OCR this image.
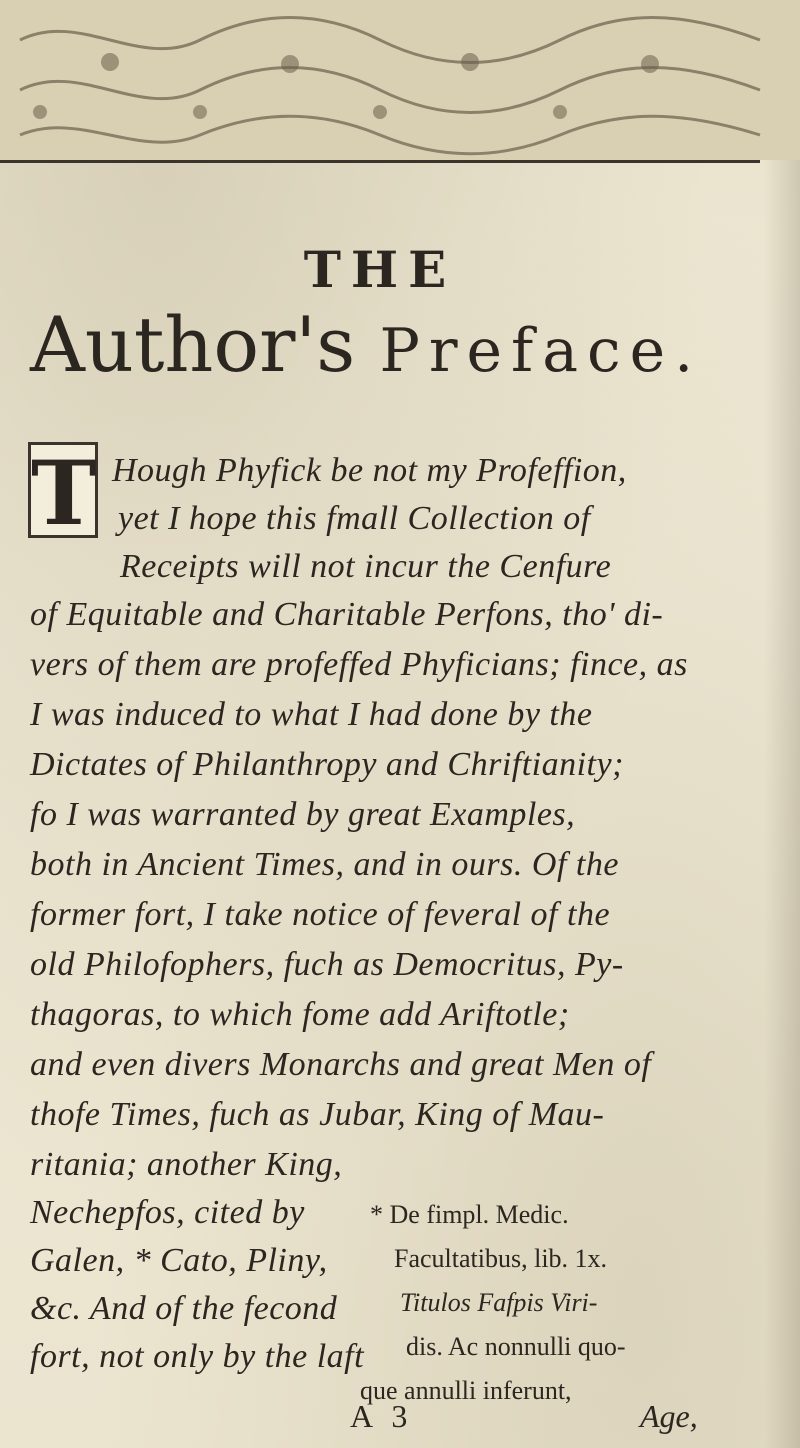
THE
Author's Preface.
T Hough Phyfick be not my Profeffion,
yet I hope this fmall Collection of
Receipts will not incur the Cenfure
of Equitable and Charitable Perfons, tho' di-
vers of them are profeffed Phyficians; fince, as
I was induced to what I had done by the
Dictates of Philanthropy and Chriftianity;
fo I was warranted by great Examples,
both in Ancient Times, and in ours. Of the
former fort, I take notice of feveral of the
old Philofophers, fuch as Democritus, Py-
thagoras, to which fome add Ariftotle;
and even divers Monarchs and great Men of
thofe Times, fuch as Jubar, King of Mau-
ritania; another King,
Nechepfos, cited by
Galen, * Cato, Pliny,
&c. And of the fecond
fort, not only by the laft
* De fimpl. Medic.
Facultatibus, lib. 1x.
Titulos Fafpis Viri-
dis. Ac nonnulli quo-
que annulli inferunt,
A 3	Age,
